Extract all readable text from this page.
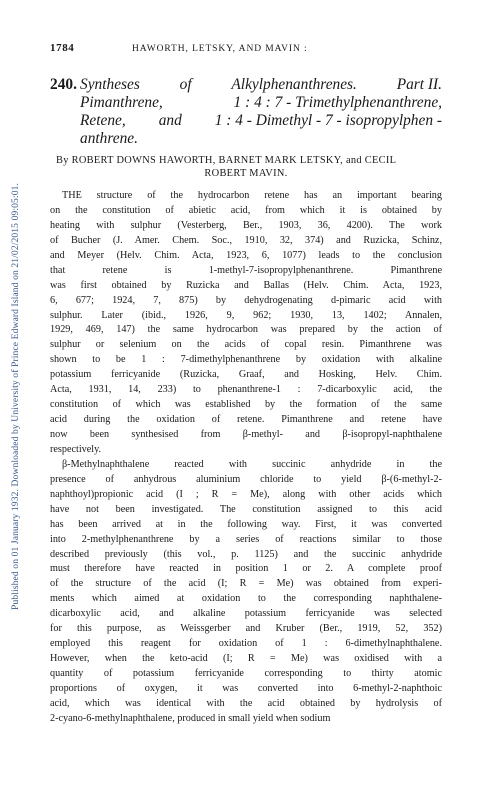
Published on 01 January 1932. Downloaded by University of Prince Edward Island on 21/02/2015 09:05:01.
1784	HAWORTH, LETSKY, AND MAVIN :
240. Syntheses	of	Alkylphenanthrenes.	Part II.
Pimanthrene,	1 : 4 : 7 - Trimethylphenanthrene,
Retene, and 1 : 4 - Dimethyl - 7 - isopropylphen -
anthrene.
By ROBERT DOWNS HAWORTH, BARNET MARK LETSKY, and CECIL
ROBERT MAVIN.
THE structure of the hydrocarbon retene has an important bearing
on the constitution of abietic acid, from which it is obtained by
heating with sulphur (Vesterberg, Ber., 1903, 36, 4200). The work
of Bucher (J. Amer. Chem. Soc., 1910, 32, 374) and Ruzicka, Schinz,
and Meyer (Helv. Chim. Acta, 1923, 6, 1077) leads to the conclusion
that retene is 1-methyl-7-isopropylphenanthrene. Pimanthrene
was first obtained by Ruzicka and Ballas (Helv. Chim. Acta, 1923,
6, 677; 1924, 7, 875) by dehydrogenating d-pimaric acid with
sulphur. Later (ibid., 1926, 9, 962; 1930, 13, 1402; Annalen,
1929, 469, 147) the same hydrocarbon was prepared by the action of
sulphur or selenium on the acids of copal resin. Pimanthrene was
shown to be 1 : 7-dimethylphenanthrene by oxidation with alkaline
potassium ferricyanide (Ruzicka, Graaf, and Hosking, Helv. Chim.
Acta, 1931, 14, 233) to phenanthrene-1 : 7-dicarboxylic acid, the
constitution of which was established by the formation of the same
acid during the oxidation of retene. Pimanthrene and retene have
now been synthesised from β-methyl- and β-isopropyl-naphthalene
respectively.
β-Methylnaphthalene reacted with succinic anhydride in the
presence of anhydrous aluminium chloride to yield β-(6-methyl-2-
naphthoyl)propionic acid (I ; R = Me), along with other acids which
have not been investigated. The constitution assigned to this acid
has been arrived at in the following way. First, it was converted
into 2-methylphenanthrene by a series of reactions similar to those
described previously (this vol., p. 1125) and the succinic anhydride
must therefore have reacted in position 1 or 2. A complete proof
of the structure of the acid (I; R = Me) was obtained from experi-
ments which aimed at oxidation to the corresponding naphthalene-
dicarboxylic acid, and alkaline potassium ferricyanide was selected
for this purpose, as Weissgerber and Kruber (Ber., 1919, 52, 352)
employed this reagent for oxidation of 1 : 6-dimethylnaphthalene.
However, when the keto-acid (I; R = Me) was oxidised with a
quantity of potassium ferricyanide corresponding to thirty atomic
proportions of oxygen, it was converted into 6-methyl-2-naphthoic
acid, which was identical with the acid obtained by hydrolysis of
2-cyano-6-methylnaphthalene, produced in small yield when sodium
